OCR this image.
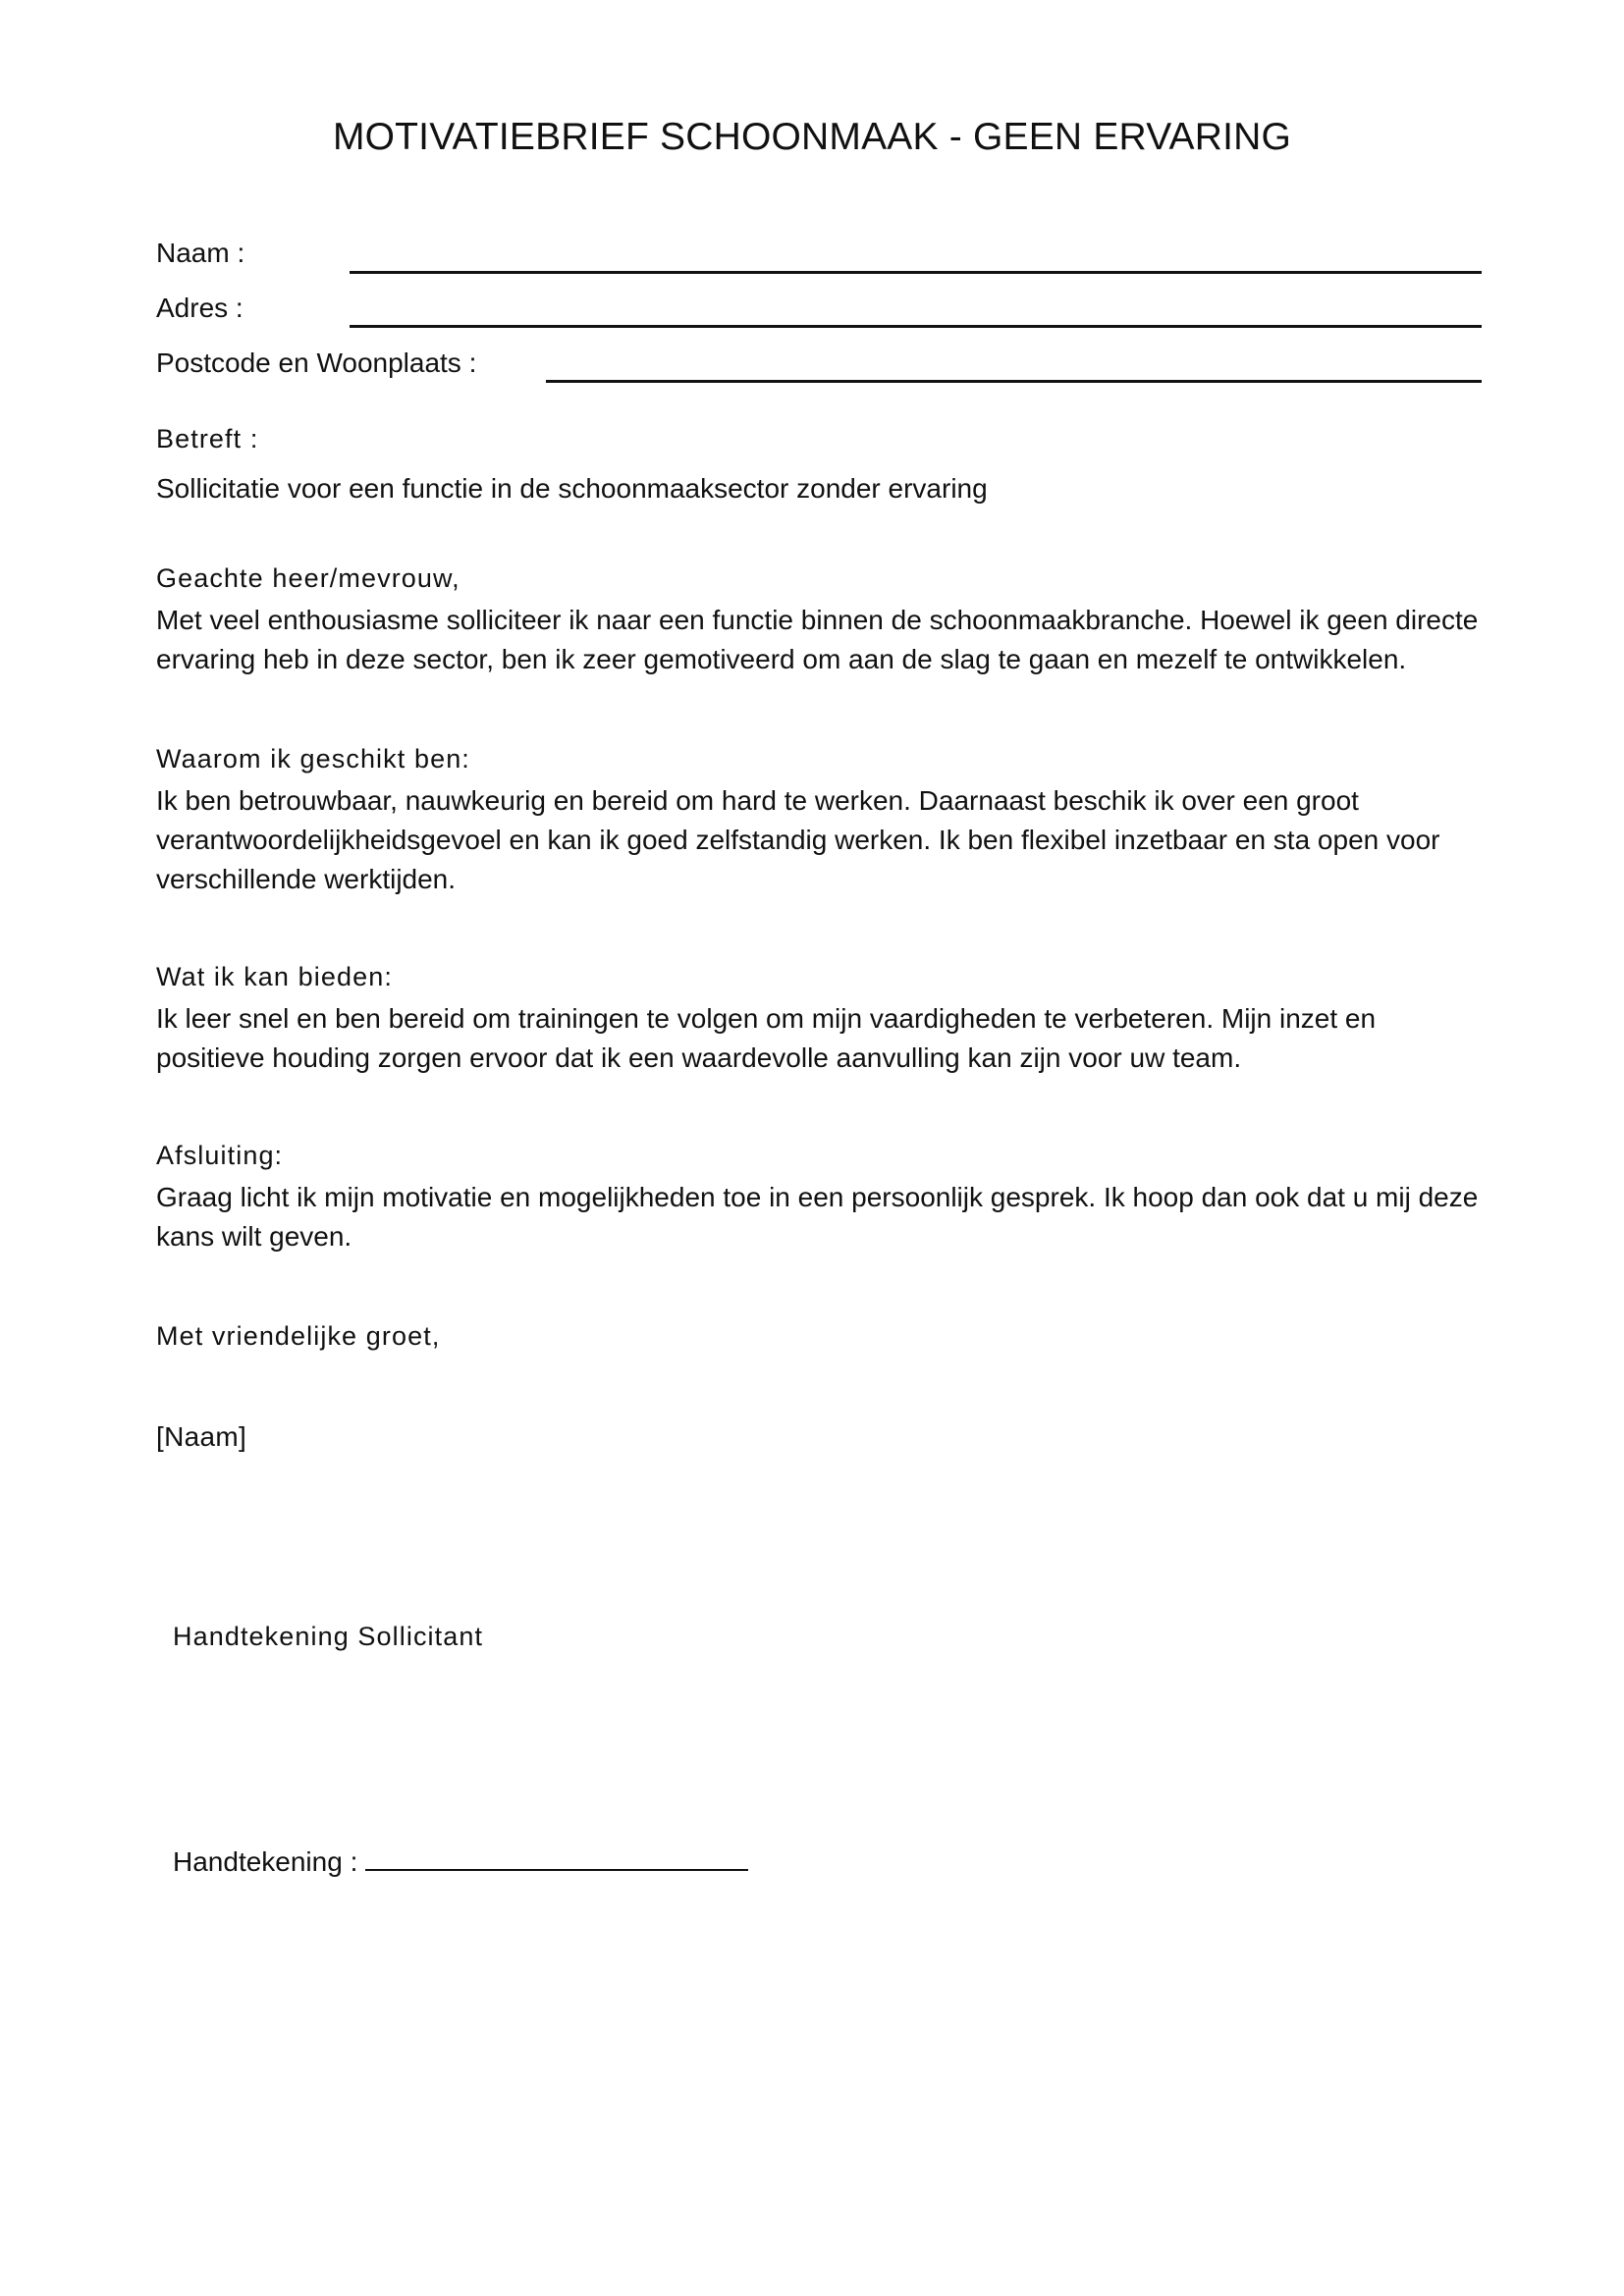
MOTIVATIEBRIEF SCHOONMAAK - GEEN ERVARING
Naam :
Adres :
Postcode en Woonplaats :
Betreft :
Sollicitatie voor een functie in de schoonmaaksector zonder ervaring
Geachte heer/mevrouw,
Met veel enthousiasme solliciteer ik naar een functie binnen de schoonmaakbranche. Hoewel ik geen directe ervaring heb in deze sector, ben ik zeer gemotiveerd om aan de slag te gaan en mezelf te ontwikkelen.
Waarom ik geschikt ben:
Ik ben betrouwbaar, nauwkeurig en bereid om hard te werken. Daarnaast beschik ik over een groot verantwoordelijkheidsgevoel en kan ik goed zelfstandig werken. Ik ben flexibel inzetbaar en sta open voor verschillende werktijden.
Wat ik kan bieden:
Ik leer snel en ben bereid om trainingen te volgen om mijn vaardigheden te verbeteren. Mijn inzet en positieve houding zorgen ervoor dat ik een waardevolle aanvulling kan zijn voor uw team.
Afsluiting:
Graag licht ik mijn motivatie en mogelijkheden toe in een persoonlijk gesprek. Ik hoop dan ook dat u mij deze kans wilt geven.
Met vriendelijke groet,
[Naam]
Handtekening Sollicitant
Handtekening :
